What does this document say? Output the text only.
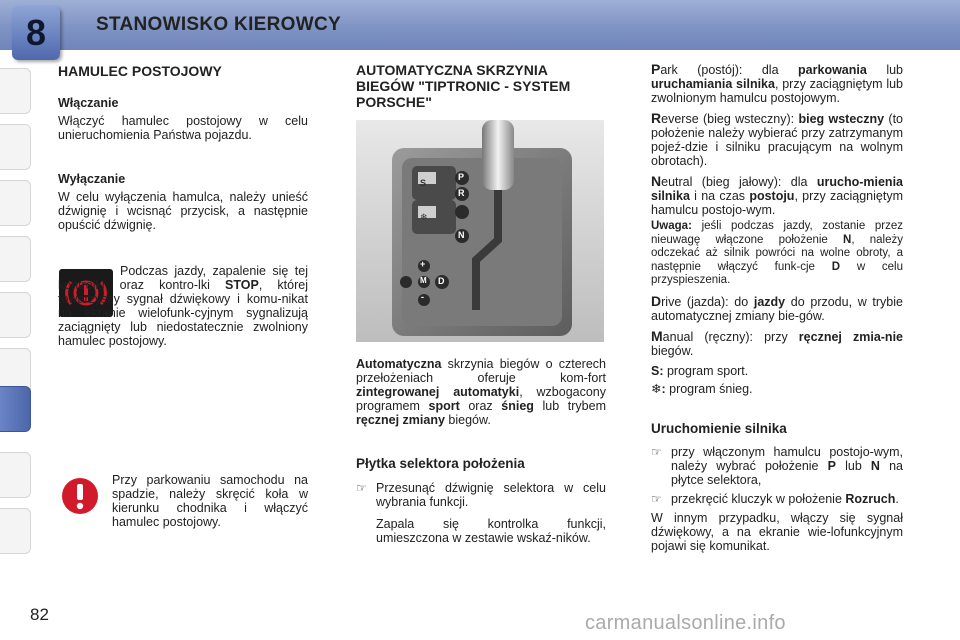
STANOWISKO KIEROWCY
8
HAMULEC POSTOJOWY
Włączanie

Włączyć hamulec postojowy w celu unieruchomienia Państwa pojazdu.

Wyłączanie

W celu wyłączenia hamulca, należy unieść dźwignię i wcisnąć przycisk, a następnie opuścić dźwignię.

Podczas jazdy, zapalenie się tej kontrolki oraz kontro-lki STOP, której towarzyszy sygnał dźwiękowy i komu-nikat na ekranie wielofunk-cyjnym sygnalizują zaciągnięty lub niedostatecznie zwolniony hamulec postojowy.

Przy parkowaniu samochodu na spadzie, należy skręcić koła w kierunku chodnika i włączyć hamulec postojowy.

AUTOMATYCZNA SKRZYNIA BIEGÓW "TIPTRONIC - SYSTEM PORSCHE"
P
R
N
D
M
S
❄
+
-

Automatyczna skrzynia biegów o czterech przełożeniach oferuje kom-fort zintegrowanej automatyki, wzbogacony programem sport oraz śnieg lub trybem ręcznej zmiany biegów.

Płytka selektora położenia
☞ Przesunąć dźwignię selektora w celu wybrania funkcji.

Zapala się kontrolka funkcji, umieszczona w zestawie wskaź-ników.

Park (postój): dla parkowania lub uruchamiania silnika, przy zaciągniętym lub zwolnionym hamulcu postojowym.

Reverse (bieg wsteczny): bieg wsteczny (to położenie należy wybierać przy zatrzymanym pojeź-dzie i silniku pracującym na wolnym obrotach).

Neutral (bieg jałowy): dla urucho-mienia silnika i na czas postoju, przy zaciągniętym hamulcu postojo-wym.

Uwaga: jeśli podczas jazdy, zostanie przez nieuwagę włączone położenie N, należy odczekać aż silnik powróci na wolne obroty, a następnie włączyć funk-cje D w celu przyspieszenia.

Drive (jazda): do jazdy do przodu, w trybie automatycznej zmiany bie-gów.

Manual (ręczny): przy ręcznej zmia-nie biegów.

S: program sport.

❄: program śnieg.

Uruchomienie silnika
☞ przy włączonym hamulcu postojo-wym, należy wybrać położenie P lub N na płytce selektora,

☞ przekręcić kluczyk w położenie Rozruch.

W innym przypadku, włączy się sygnał dźwiękowy, a na ekranie wie-lofunkcyjnym pojawi się komunikat.

82	carmanualsonline.info
